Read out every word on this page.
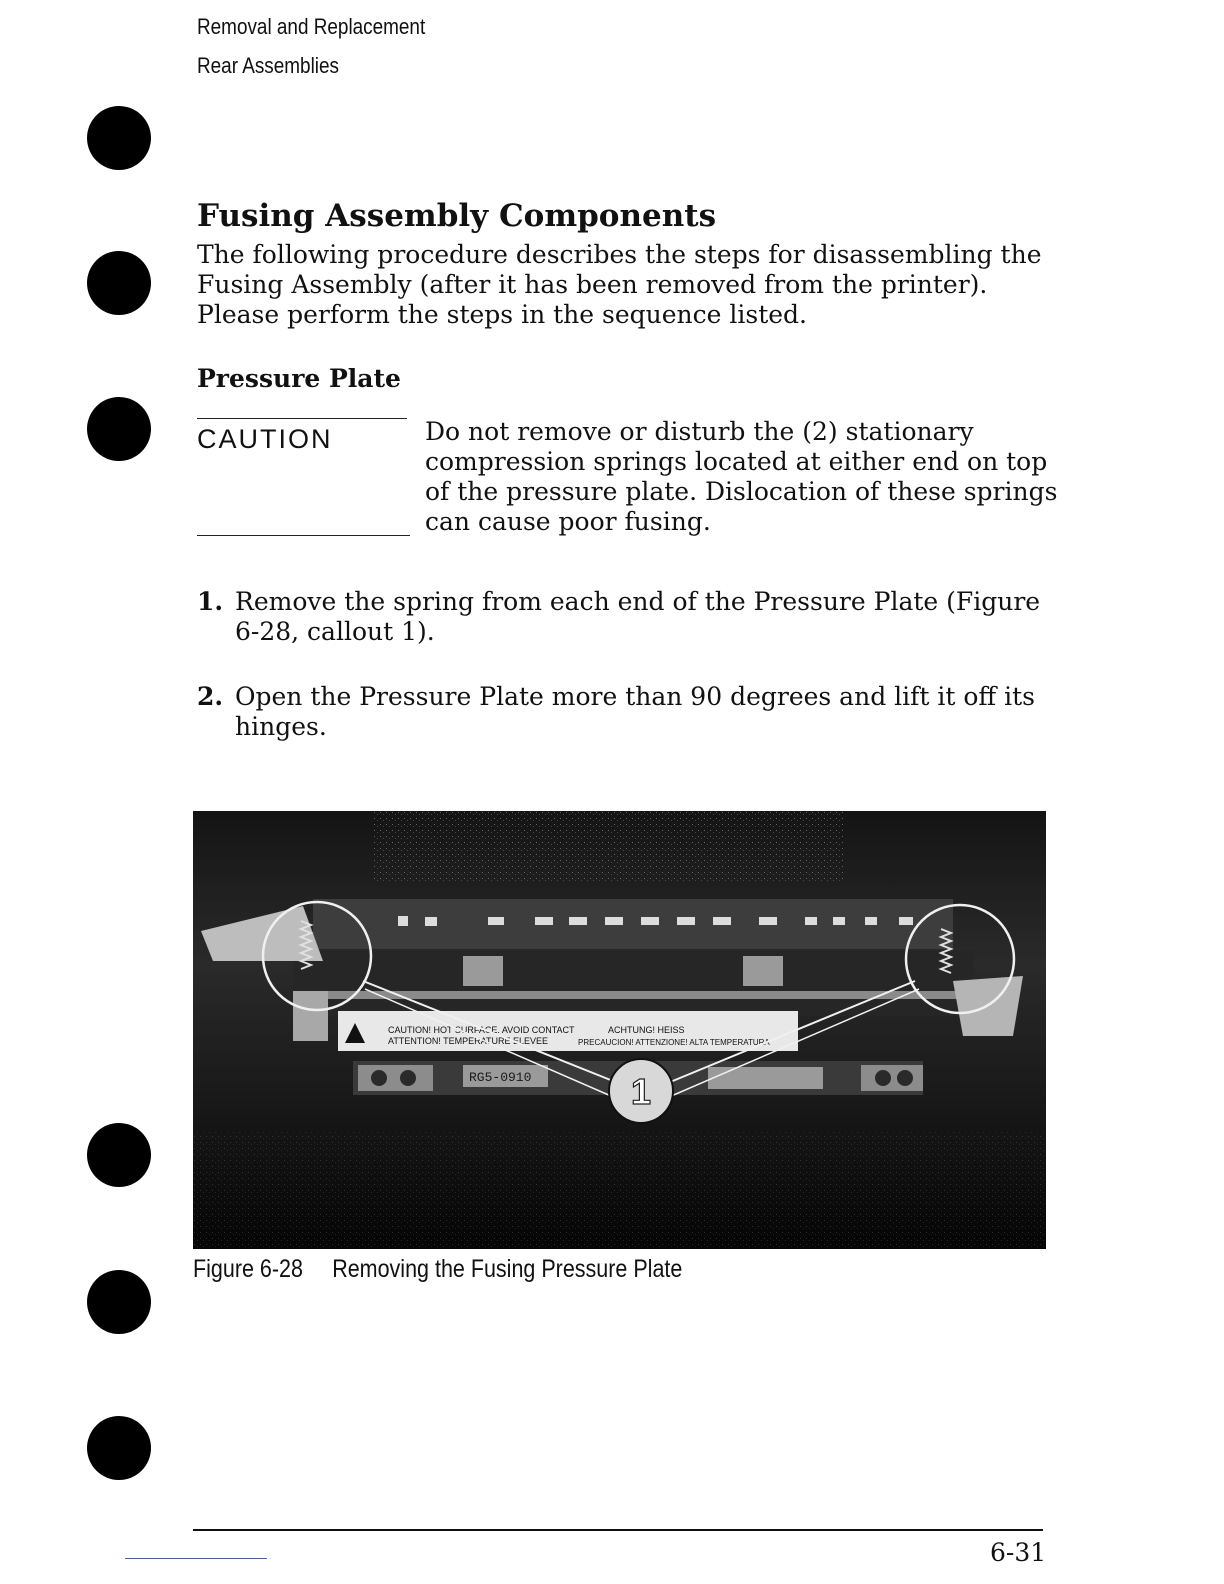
Removal and Replacement
Rear Assemblies
Fusing Assembly Components

The following procedure describes the steps for disassembling the Fusing Assembly (after it has been removed from the printer). Please perform the steps in the sequence listed.

Pressure Plate
CAUTION	Do not remove or disturb the (2) stationary compression springs located at either end on top of the pressure plate. Dislocation of these springs can cause poor fusing.

1. Remove the spring from each end of the Pressure Plate (Figure 6-28, callout 1).
2. Open the Pressure Plate more than 90 degrees and lift it off its hinges.
CAUTION! HOT SURFACE. AVOID CONTACT
ATTENTION! TEMPERATURE ELEVEE
ACHTUNG! HEISS
PRECAUCION! ATTENZIONE! ALTA TEMPERATURA
RG5-0910	1
Figure 6-28 Removing the Fusing Pressure Plate
6-31
